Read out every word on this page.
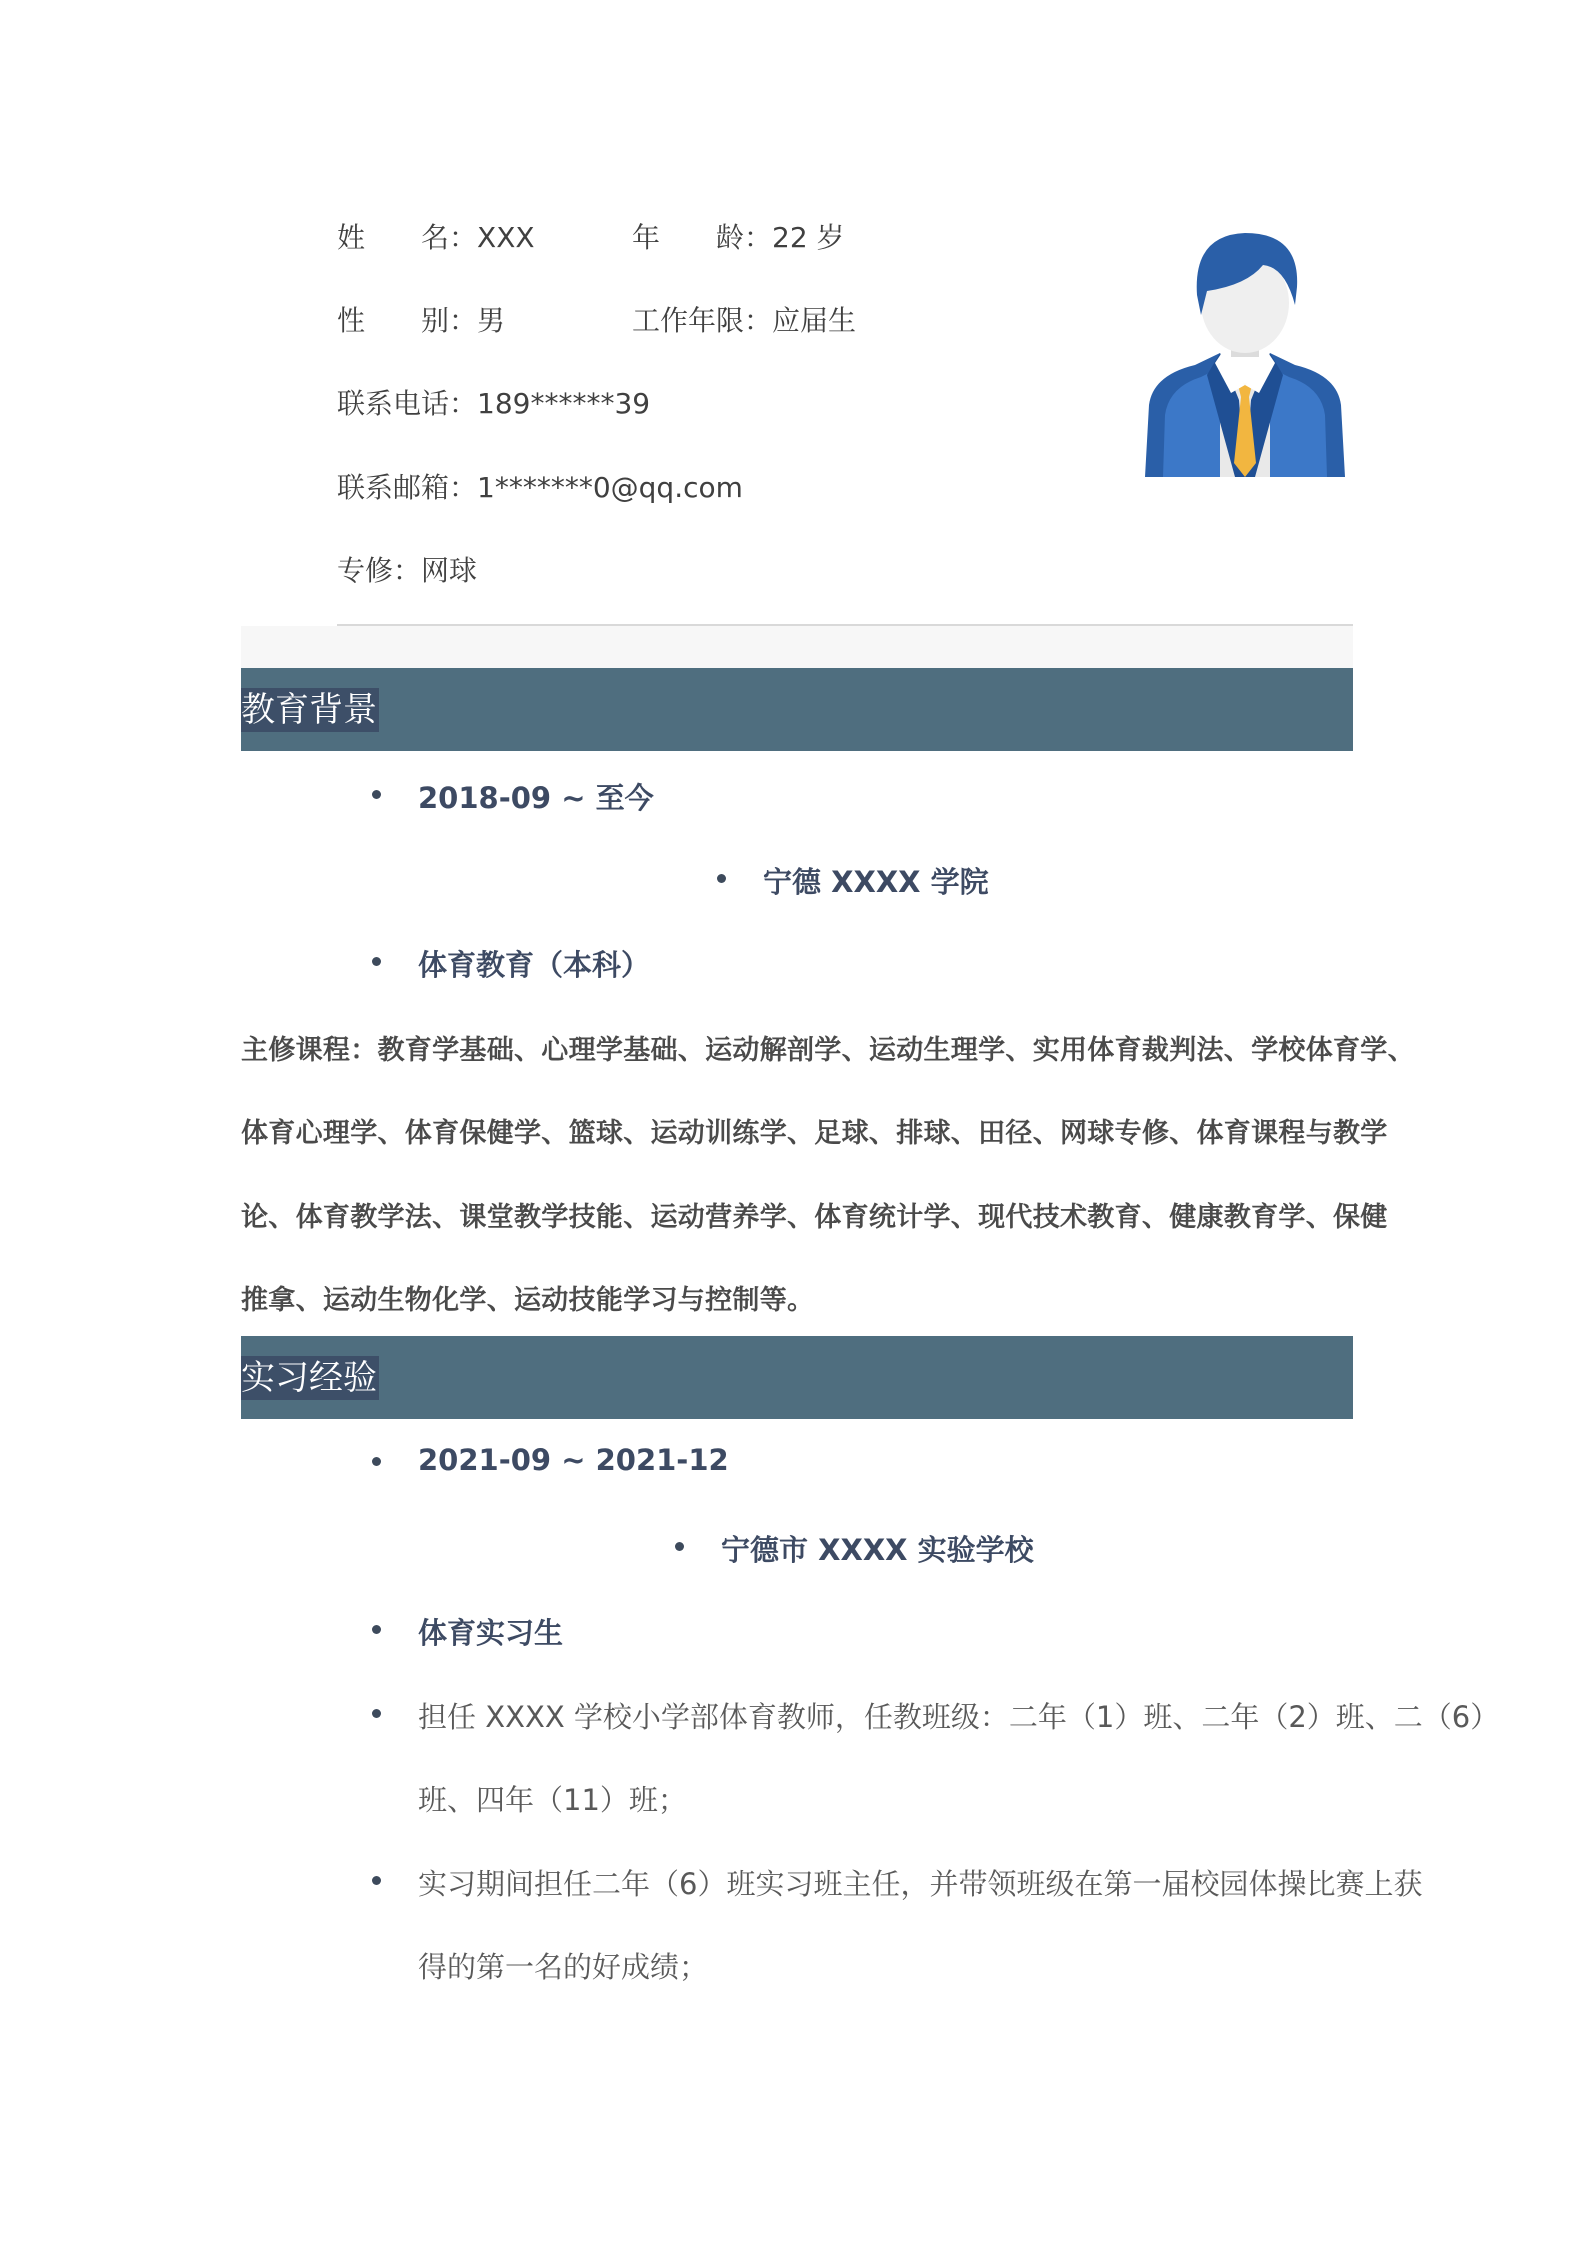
姓　　名：XXX	年　　龄：22 岁
性　　别：男	工作年限：应届生
联系电话：189******39
联系邮箱：1*******0@qq.com
专修：网球
教育背景
2018-09 ~ 至今
宁德 XXXX 学院
体育教育（本科）
主修课程：教育学基础、心理学基础、运动解剖学、运动生理学、实用体育裁判法、学校体育学、
体育心理学、体育保健学、篮球、运动训练学、足球、排球、田径、网球专修、体育课程与教学
论、体育教学法、课堂教学技能、运动营养学、体育统计学、现代技术教育、健康教育学、保健
推拿、运动生物化学、运动技能学习与控制等。
实习经验
2021-09 ~ 2021-12
宁德市 XXXX 实验学校
体育实习生
担任 XXXX 学校小学部体育教师，任教班级：二年（1）班、二年（2）班、二（6）
班、四年（11）班；
实习期间担任二年（6）班实习班主任，并带领班级在第一届校园体操比赛上获
得的第一名的好成绩；
